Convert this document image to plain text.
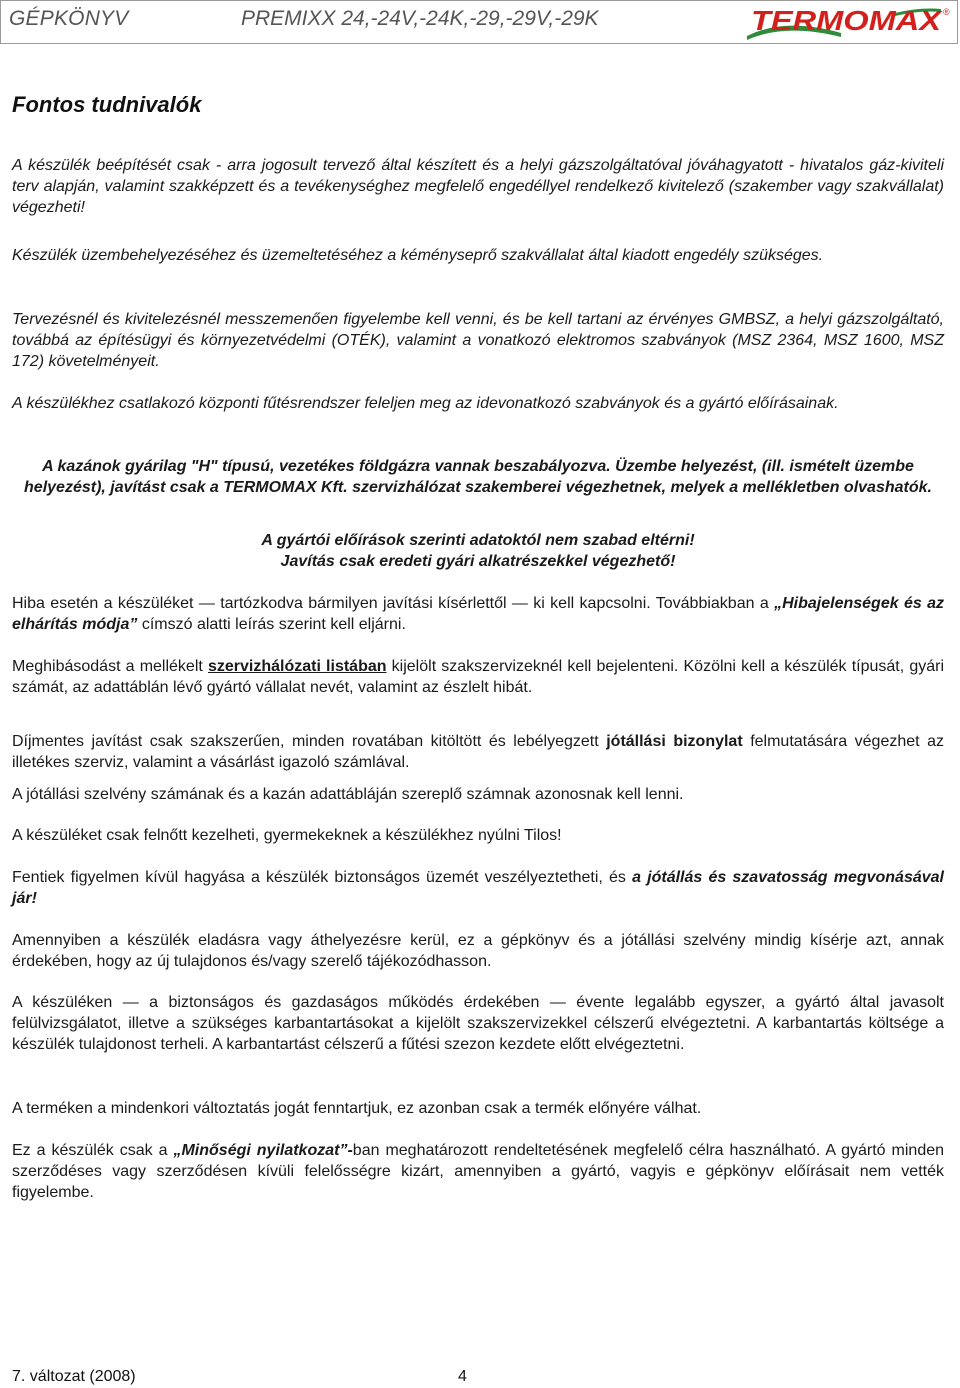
GÉPKÖNYV	PREMIXX 24,-24V,-24K,-29,-29V,-29K	TERMOMAX ®
Fontos tudnivalók

A készülék beépítését csak - arra jogosult tervező által készített és a helyi gázszolgáltatóval jóváhagyatott - hivatalos gáz-kiviteli terv alapján, valamint szakképzett és a tevékenységhez megfelelő engedéllyel rendelkező kivitelező (szakember vagy szakvállalat) végezheti!

Készülék üzembehelyezéséhez és üzemeltetéséhez a kéményseprő szakvállalat által kiadott engedély szükséges.

Tervezésnél és kivitelezésnél messzemenően figyelembe kell venni, és be kell tartani az érvényes GMBSZ, a helyi gázszolgáltató, továbbá az építésügyi és környezetvédelmi (OTÉK), valamint a vonatkozó elektromos szabványok (MSZ 2364, MSZ 1600, MSZ 172) követelményeit.

A készülékhez csatlakozó központi fűtésrendszer feleljen meg az idevonatkozó szabványok és a gyártó előírásainak.

A kazánok gyárilag "H" típusú, vezetékes földgázra vannak beszabályozva. Üzembe helyezést, (ill. ismételt üzembe helyezést), javítást csak a TERMOMAX Kft. szervizhálózat szakemberei végezhetnek, melyek a mellékletben olvashatók.

A gyártói előírások szerinti adatoktól nem szabad eltérni!

Javítás csak eredeti gyári alkatrészekkel végezhető!

Hiba esetén a készüléket — tartózkodva bármilyen javítási kísérlettől — ki kell kapcsolni. Továbbiakban a „Hibajelenségek és az elhárítás módja” címszó alatti leírás szerint kell eljárni.

Meghibásodást a mellékelt szervizhálózati listában kijelölt szakszervizeknél kell bejelenteni. Közölni kell a készülék típusát, gyári számát, az adattáblán lévő gyártó vállalat nevét, valamint az észlelt hibát.

Díjmentes javítást csak szakszerűen, minden rovatában kitöltött és lebélyegzett jótállási bizonylat felmutatására végezhet az illetékes szerviz, valamint a vásárlást igazoló számlával.

A jótállási szelvény számának és a kazán adattábláján szereplő számnak azonosnak kell lenni.

A készüléket csak felnőtt kezelheti, gyermekeknek a készülékhez nyúlni Tilos!

Fentiek figyelmen kívül hagyása a készülék biztonságos üzemét veszélyeztetheti, és a jótállás és szavatosság megvonásával jár!

Amennyiben a készülék eladásra vagy áthelyezésre kerül, ez a gépkönyv és a jótállási szelvény mindig kísérje azt, annak érdekében, hogy az új tulajdonos és/vagy szerelő tájékozódhasson.

A készüléken — a biztonságos és gazdaságos működés érdekében — évente legalább egyszer, a gyártó által javasolt felülvizsgálatot, illetve a szükséges karbantartásokat a kijelölt szakszervizekkel célszerű elvégeztetni. A karbantartás költsége a készülék tulajdonost terheli. A karbantartást célszerű a fűtési szezon kezdete előtt elvégeztetni.

A terméken a mindenkori változtatás jogát fenntartjuk, ez azonban csak a termék előnyére válhat.

Ez a készülék csak a „Minőségi nyilatkozat”-ban meghatározott rendeltetésének megfelelő célra használható. A gyártó minden szerződéses vagy szerződésen kívüli felelősségre kizárt, amennyiben a gyártó, vagyis e gépkönyv előírásait nem vették figyelembe.

7. változat (2008)	4
